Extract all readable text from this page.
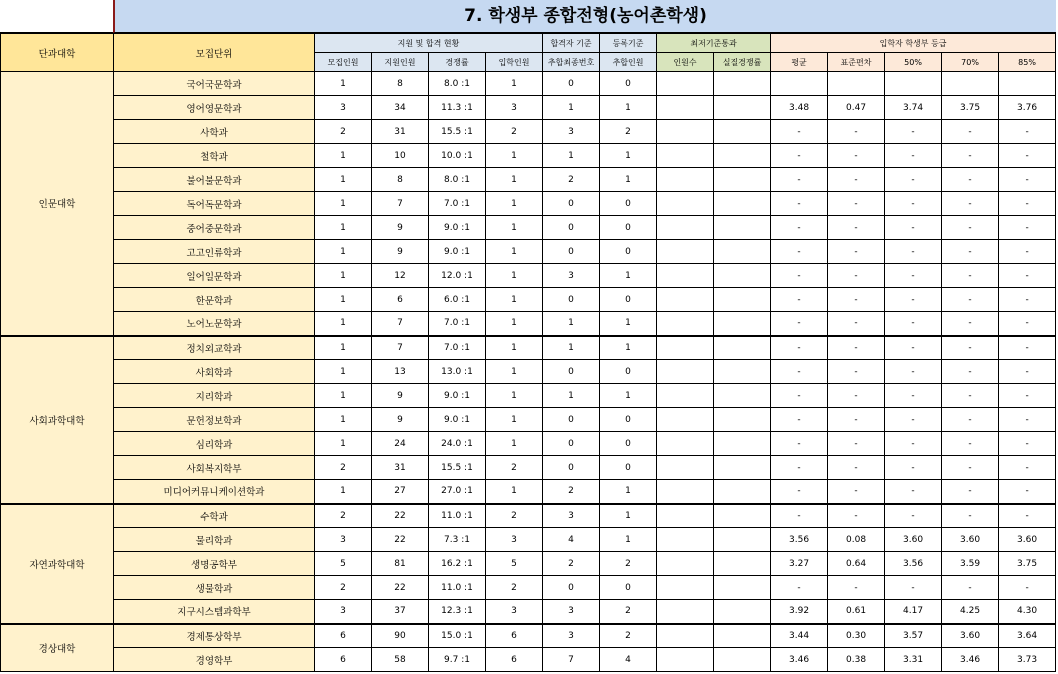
7. 학생부 종합전형(농어촌학생)
단과대학	모집단위	지원 및 합격 현황				합격자 기준	등록기준	최저기준통과		입학자 학생부 등급				
		모집인원	지원인원	경쟁률	입학인원	추합최종번호	추합인원	인원수	실질경쟁률	평균	표준편차	50%	70%	85%
인문대학	국어국문학과	1	8	8.0 :1	1	0	0							
	영어영문학과	3	34	11.3 :1	3	1	1			3.48	0.47	3.74	3.75	3.76
	사학과	2	31	15.5 :1	2	3	2			-	-	-	-	-
	철학과	1	10	10.0 :1	1	1	1			-	-	-	-	-
	불어불문학과	1	8	8.0 :1	1	2	1			-	-	-	-	-
	독어독문학과	1	7	7.0 :1	1	0	0			-	-	-	-	-
	중어중문학과	1	9	9.0 :1	1	0	0			-	-	-	-	-
	고고인류학과	1	9	9.0 :1	1	0	0			-	-	-	-	-
	일어일문학과	1	12	12.0 :1	1	3	1			-	-	-	-	-
	한문학과	1	6	6.0 :1	1	0	0			-	-	-	-	-
	노어노문학과	1	7	7.0 :1	1	1	1			-	-	-	-	-
사회과학대학	정치외교학과	1	7	7.0 :1	1	1	1			-	-	-	-	-
	사회학과	1	13	13.0 :1	1	0	0			-	-	-	-	-
	지리학과	1	9	9.0 :1	1	1	1			-	-	-	-	-
	문헌정보학과	1	9	9.0 :1	1	0	0			-	-	-	-	-
	심리학과	1	24	24.0 :1	1	0	0			-	-	-	-	-
	사회복지학부	2	31	15.5 :1	2	0	0			-	-	-	-	-
	미디어커뮤니케이션학과	1	27	27.0 :1	1	2	1			-	-	-	-	-
자연과학대학	수학과	2	22	11.0 :1	2	3	1			-	-	-	-	-
	물리학과	3	22	7.3 :1	3	4	1			3.56	0.08	3.60	3.60	3.60
	생명공학부	5	81	16.2 :1	5	2	2			3.27	0.64	3.56	3.59	3.75
	생물학과	2	22	11.0 :1	2	0	0			-	-	-	-	-
	지구시스템과학부	3	37	12.3 :1	3	3	2			3.92	0.61	4.17	4.25	4.30
경상대학	경제통상학부	6	90	15.0 :1	6	3	2			3.44	0.30	3.57	3.60	3.64
	경영학부	6	58	9.7 :1	6	7	4			3.46	0.38	3.31	3.46	3.73
